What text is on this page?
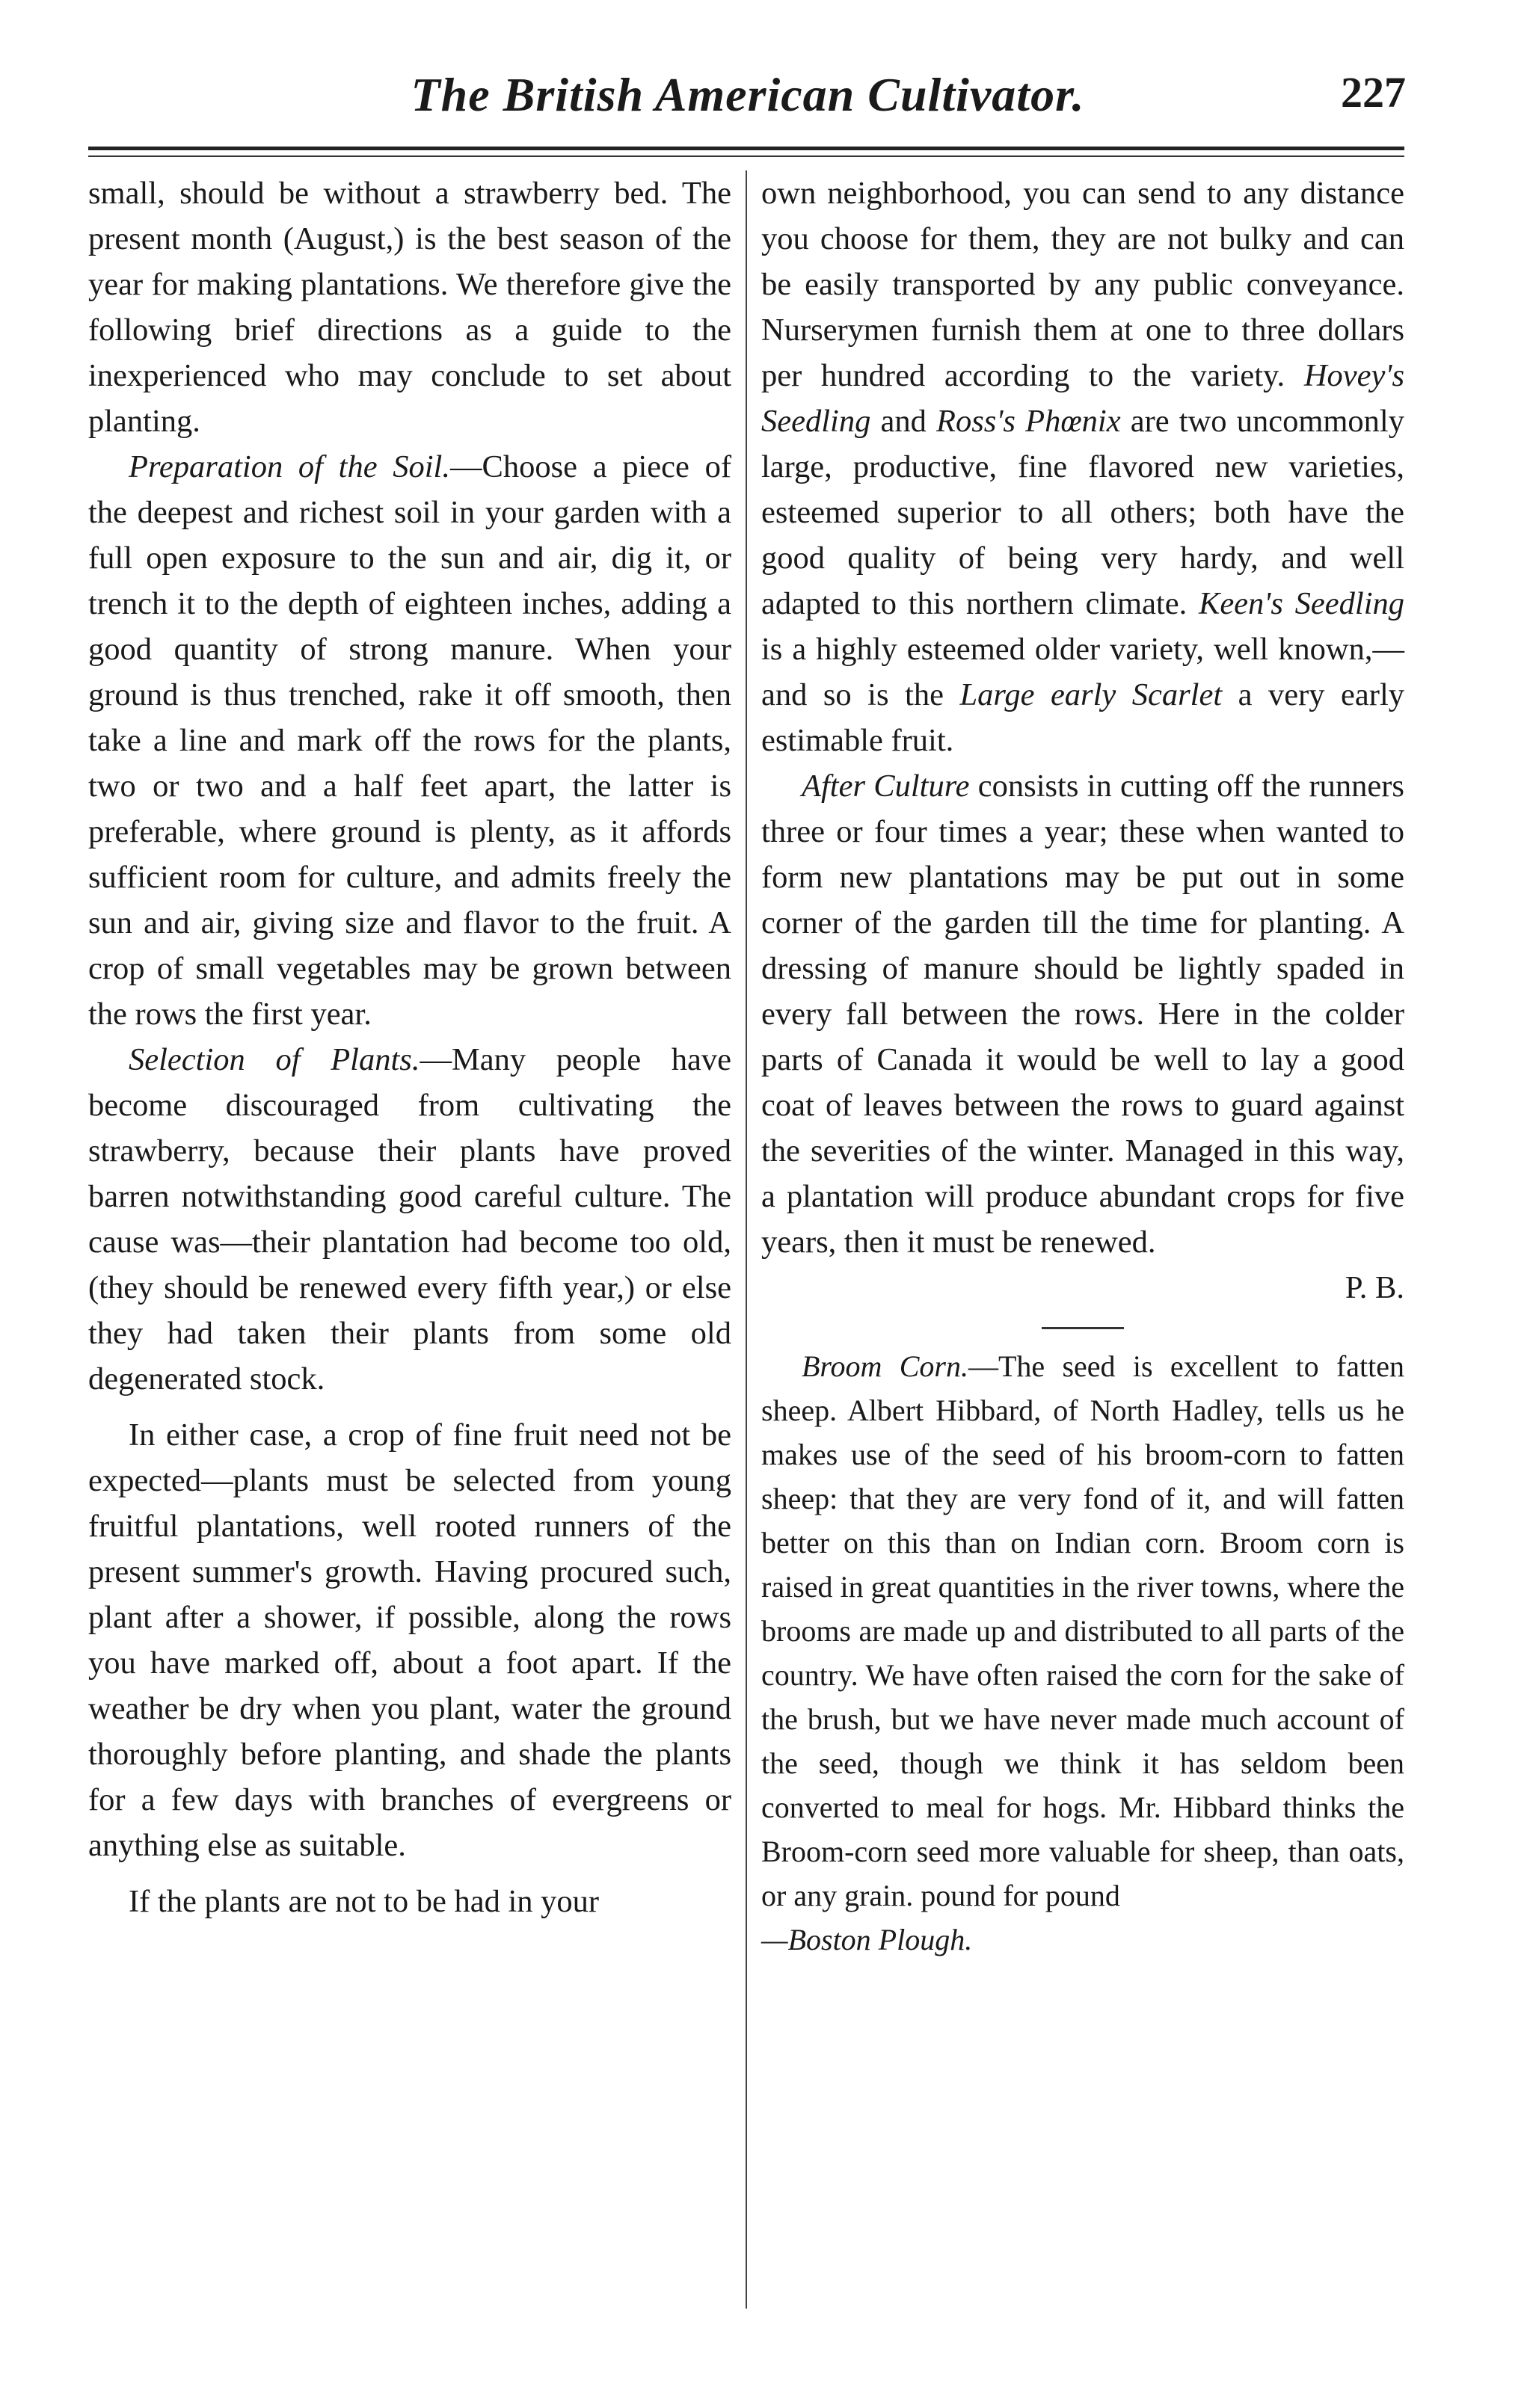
The British American Cultivator.	227

small, should be without a strawberry bed. The present month (August,) is the best season of the year for making plantations. We therefore give the following brief directions as a guide to the inexperienced who may conclude to set about planting.

Preparation of the Soil.—Choose a piece of the deepest and richest soil in your garden with a full open exposure to the sun and air, dig it, or trench it to the depth of eighteen inches, adding a good quantity of strong manure. When your ground is thus trenched, rake it off smooth, then take a line and mark off the rows for the plants, two or two and a half feet apart, the latter is preferable, where ground is plenty, as it affords sufficient room for culture, and admits freely the sun and air, giving size and flavor to the fruit. A crop of small vegetables may be grown between the rows the first year.

Selection of Plants.—Many people have become discouraged from cultivating the strawberry, because their plants have proved barren notwithstanding good careful culture. The cause was—their plantation had become too old, (they should be renewed every fifth year,) or else they had taken their plants from some old degenerated stock.

In either case, a crop of fine fruit need not be expected—plants must be selected from young fruitful plantations, well rooted runners of the present summer's growth. Having procured such, plant after a shower, if possible, along the rows you have marked off, about a foot apart. If the weather be dry when you plant, water the ground thoroughly before planting, and shade the plants for a few days with branches of evergreens or anything else as suitable.

If the plants are not to be had in your

own neighborhood, you can send to any distance you choose for them, they are not bulky and can be easily transported by any public conveyance. Nurserymen furnish them at one to three dollars per hundred according to the variety. Hovey's Seedling and Ross's Phœnix are two uncommonly large, productive, fine flavored new varieties, esteemed superior to all others; both have the good quality of being very hardy, and well adapted to this northern climate. Keen's Seedling is a highly esteemed older variety, well known,—and so is the Large early Scarlet a very early estimable fruit.

After Culture consists in cutting off the runners three or four times a year; these when wanted to form new plantations may be put out in some corner of the garden till the time for planting. A dressing of manure should be lightly spaded in every fall between the rows. Here in the colder parts of Canada it would be well to lay a good coat of leaves between the rows to guard against the severities of the winter. Managed in this way, a plantation will produce abundant crops for five years, then it must be renewed.

P. B.

Broom Corn.—The seed is excellent to fatten sheep. Albert Hibbard, of North Hadley, tells us he makes use of the seed of his broom-corn to fatten sheep: that they are very fond of it, and will fatten better on this than on Indian corn. Broom corn is raised in great quantities in the river towns, where the brooms are made up and distributed to all parts of the country. We have often raised the corn for the sake of the brush, but we have never made much account of the seed, though we think it has seldom been converted to meal for hogs. Mr. Hibbard thinks the Broom-corn seed more valuable for sheep, than oats, or any grain. pound for pound

—Boston Plough.
